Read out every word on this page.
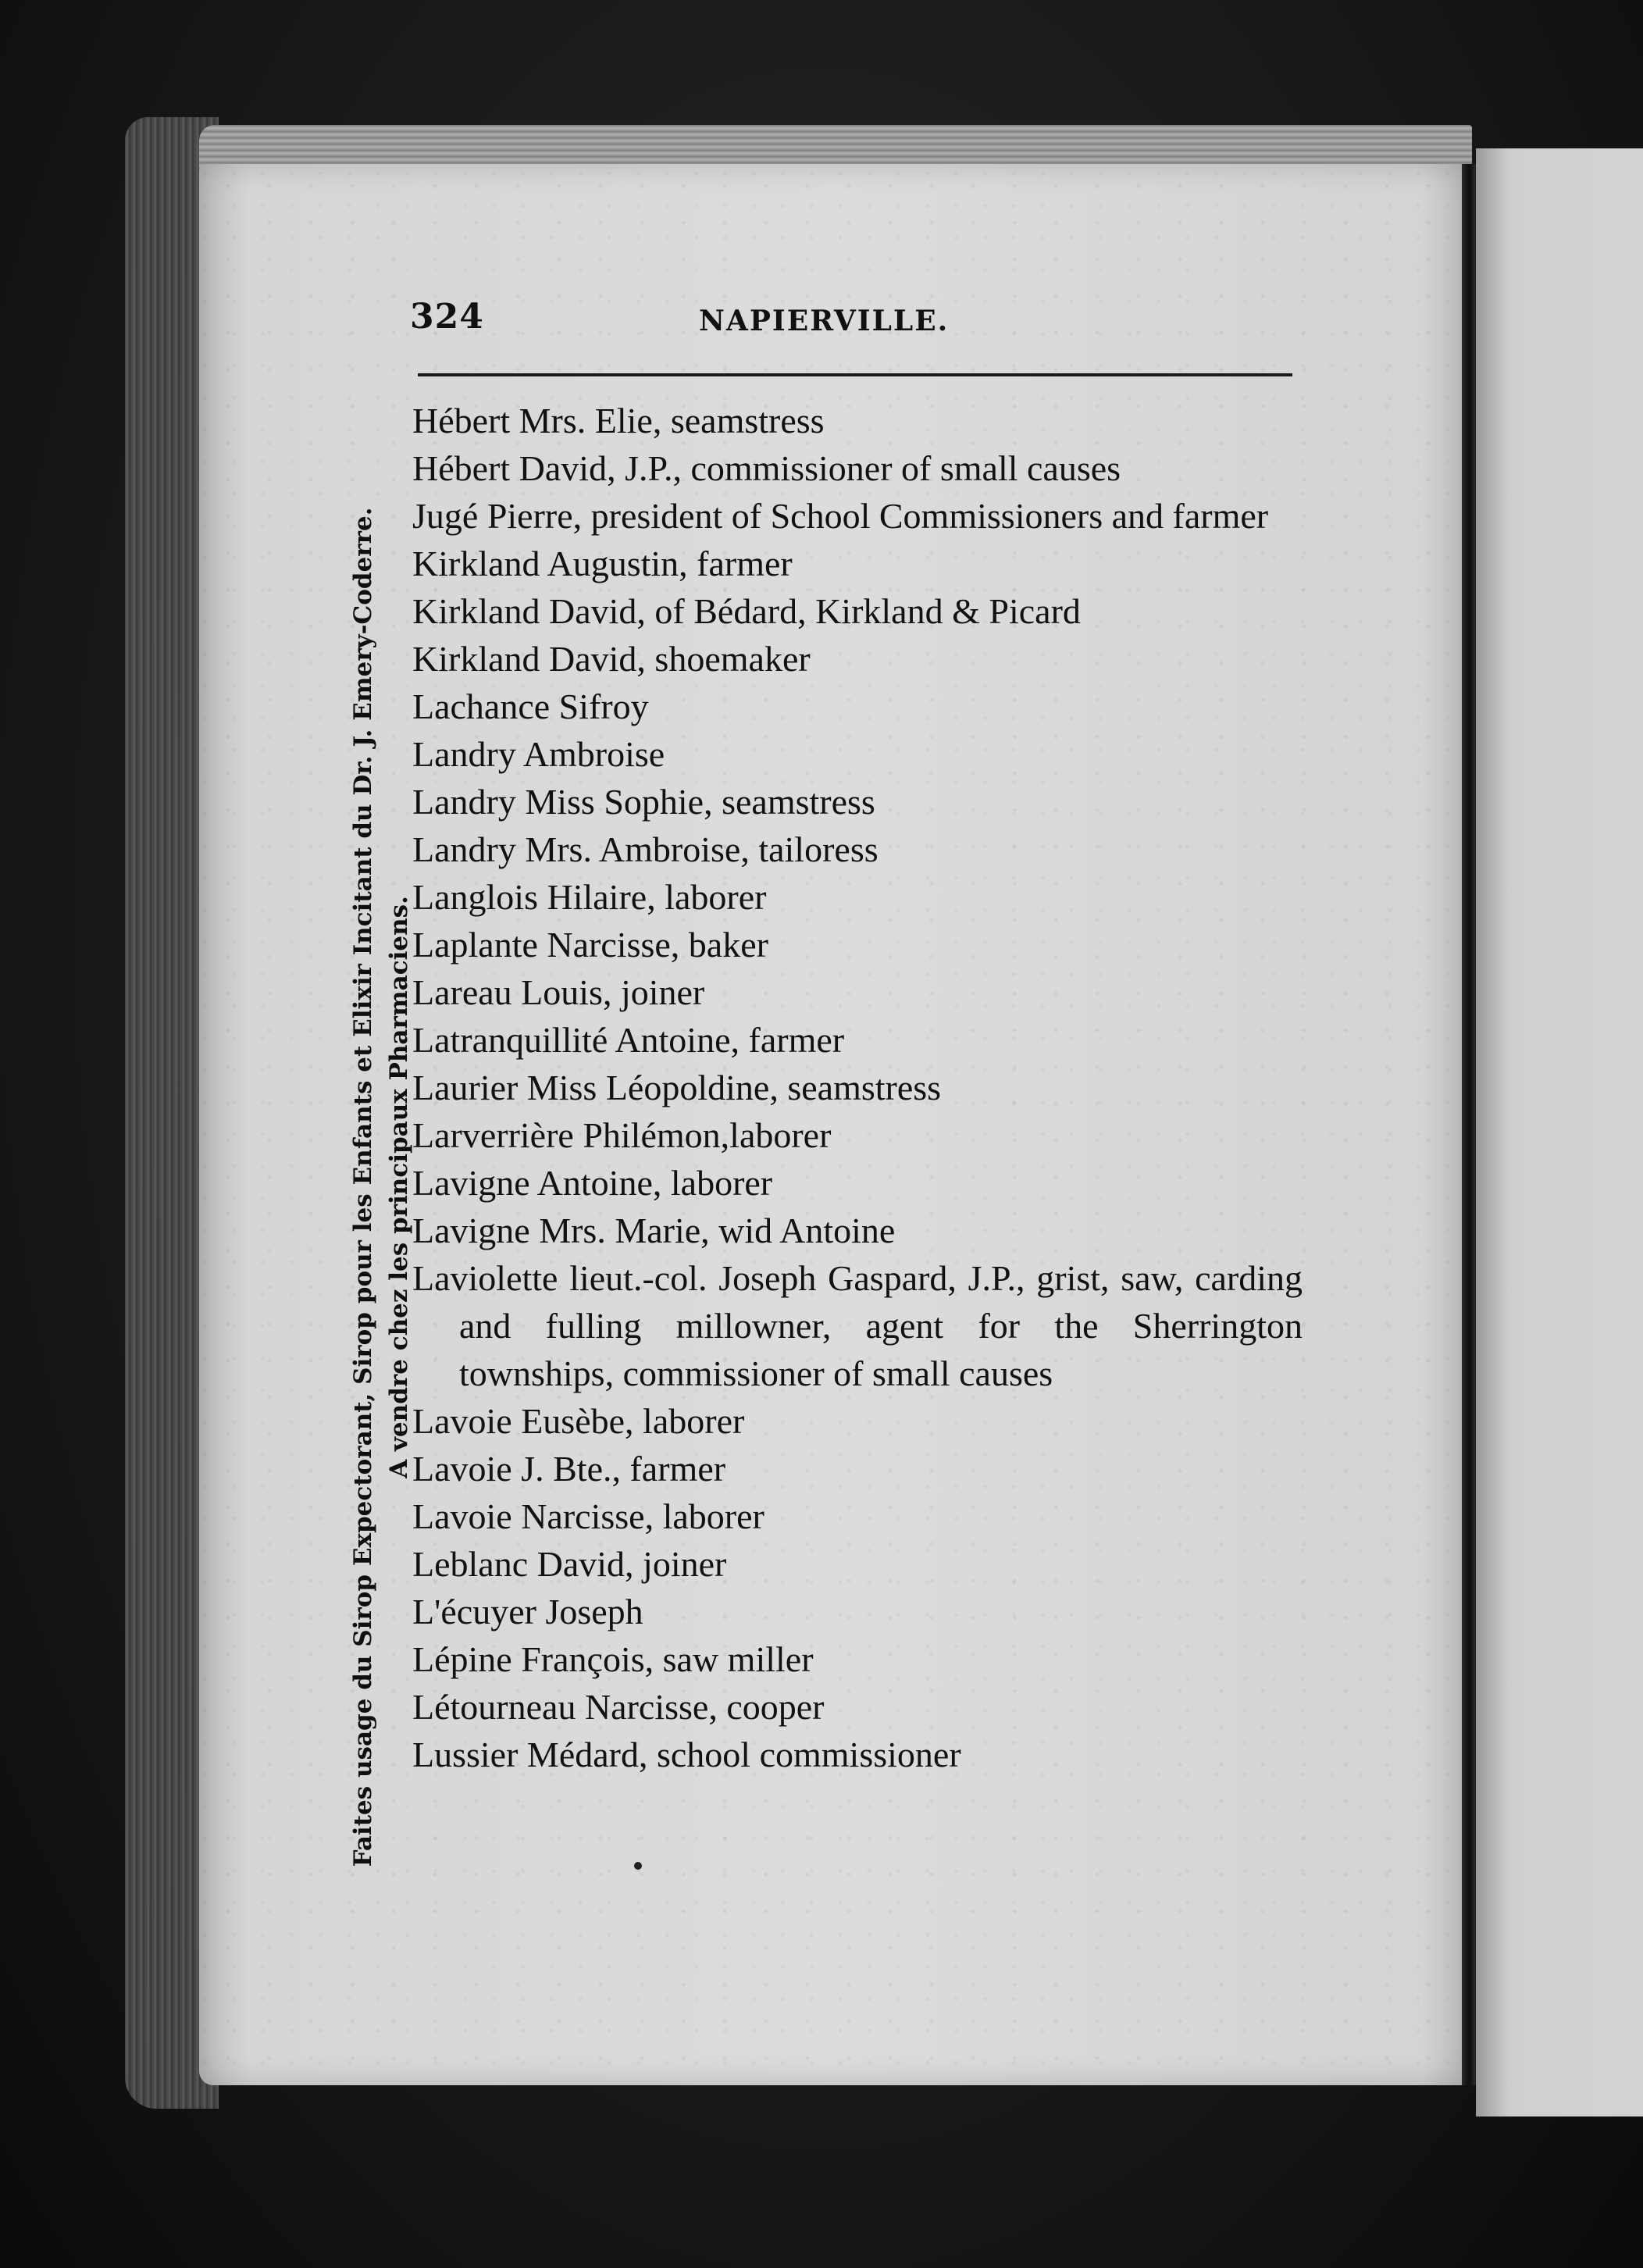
324	NAPIERVILLE.
Faites usage du Sirop Expectorant, Sirop pour les Enfants et Elixir Incitant du Dr. J. Emery-Coderre. A vendre chez les principaux Pharmaciens.
Hébert Mrs. Elie, seamstress
Hébert David, J.P., commissioner of small causes
Jugé Pierre, president of School Commissioners and farmer
Kirkland Augustin, farmer
Kirkland David, of Bédard, Kirkland & Picard
Kirkland David, shoemaker
Lachance Sifroy
Landry Ambroise
Landry Miss Sophie, seamstress
Landry Mrs. Ambroise, tailoress
Langlois Hilaire, laborer
Laplante Narcisse, baker
Lareau Louis, joiner
Latranquillité Antoine, farmer
Laurier Miss Léopoldine, seamstress
Larverrière Philémon,laborer
Lavigne Antoine, laborer
Lavigne Mrs. Marie, wid Antoine
Laviolette lieut.-col. Joseph Gaspard, J.P., grist, saw, carding and fulling millowner, agent for the Sherrington townships, commissioner of small causes
Lavoie Eusèbe, laborer
Lavoie J. Bte., farmer
Lavoie Narcisse, laborer
Leblanc David, joiner
L'écuyer Joseph
Lépine François, saw miller
Létourneau Narcisse, cooper
Lussier Médard, school commissioner
